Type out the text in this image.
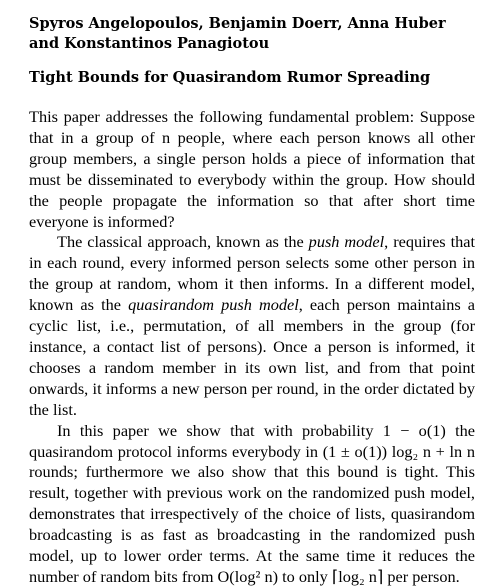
Spyros Angelopoulos, Benjamin Doerr, Anna Huber and Konstantinos Panagiotou
Tight Bounds for Quasirandom Rumor Spreading

This paper addresses the following fundamental problem: Suppose that in a group of n people, where each person knows all other group members, a single person holds a piece of information that must be disseminated to everybody within the group. How should the people propagate the information so that after short time everyone is informed?

The classical approach, known as the push model, requires that in each round, every informed person selects some other person in the group at random, whom it then informs. In a different model, known as the quasirandom push model, each person maintains a cyclic list, i.e., permutation, of all members in the group (for instance, a contact list of persons). Once a person is informed, it chooses a random member in its own list, and from that point onwards, it informs a new person per round, in the order dictated by the list.

In this paper we show that with probability 1 − o(1) the quasirandom protocol informs everybody in (1 ± o(1)) log₂ n + ln n rounds; furthermore we also show that this bound is tight. This result, together with previous work on the randomized push model, demonstrates that irrespectively of the choice of lists, quasirandom broadcasting is as fast as broadcasting in the randomized push model, up to lower order terms. At the same time it reduces the number of random bits from O(log² n) to only ⌈log₂ n⌉ per person.
